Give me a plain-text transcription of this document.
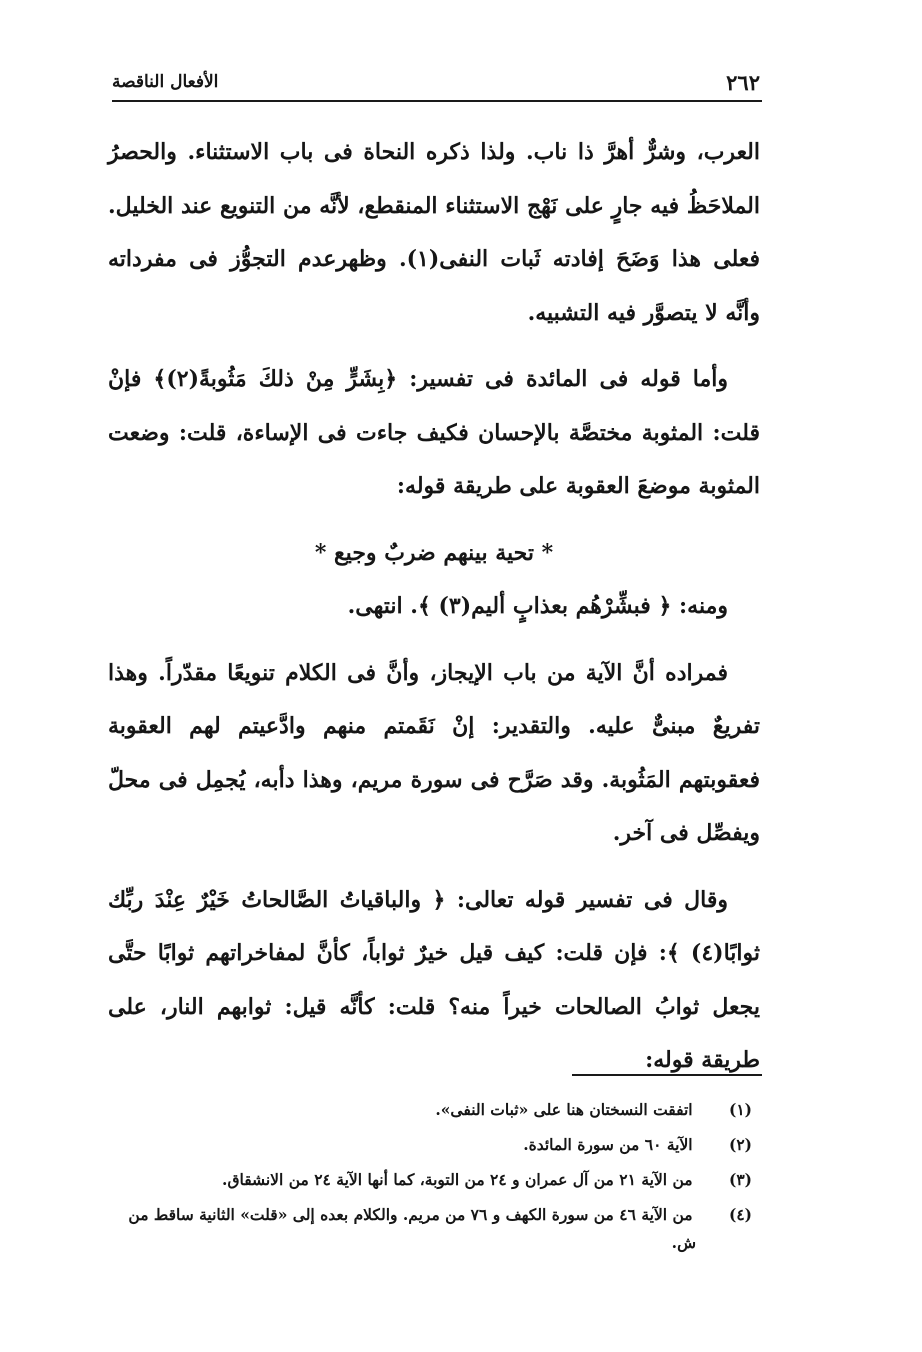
الأفعال الناقصة	٢٦٢

العرب، وشرٌّ أهرَّ ذا ناب. ولذا ذكره النحاة فى باب الاستثناء. والحصرُ الملاحَظُ فيه جارٍ على نَهْج الاستثناء المنقطع، لأنَّه من التنويع عند الخليل. فعلى هذا وَضَحَ إفادته ثَبات النفى(١). وظهرعدم التجوُّز فى مفرداته وأنَّه لا يتصوَّر فيه التشبيه.

وأما قوله فى المائدة فى تفسير: ﴿بِشَرٍّ مِنْ ذلكَ مَثُوبةً(٢)﴾ فإنْ قلت: المثوبة مختصَّة بالإحسان فكيف جاءت فى الإساءة، قلت: وضعت المثوبة موضعَ العقوبة على طريقة قوله:

* تحية بينهم ضربٌ وجيع *

ومنه: ﴿ فبشِّرْهُم بعذابٍ أليم(٣) ﴾. انتهى.

فمراده أنَّ الآية من باب الإيجاز، وأنَّ فى الكلام تنويعًا مقدّراً. وهذا تفريعٌ مبنىٌّ عليه. والتقدير: إنْ نَقَمتم منهم وادَّعيتم لهم العقوبة فعقوبتهم المَثُوبة. وقد صَرَّح فى سورة مريم، وهذا دأبه، يُجمِل فى محلّ ويفصِّل فى آخر.

وقال فى تفسير قوله تعالى: ﴿ والباقياتُ الصَّالحاتُ خَيْرٌ عِنْدَ ربِّك ثوابًا(٤) ﴾: فإن قلت: كيف قيل خيرٌ ثواباً، كأنَّ لمفاخراتهم ثوابًا حتَّى يجعل ثوابُ الصالحات خيراً منه؟ قلت: كأنَّه قيل: ثوابهم النار، على طريقة قوله:

(١) اتفقت النسختان هنا على «ثبات النفى».

(٢) الآية ٦٠ من سورة المائدة.

(٣) من الآية ٢١ من آل عمران و ٢٤ من التوبة، كما أنها الآية ٢٤ من الانشقاق.

(٤) من الآية ٤٦ من سورة الكهف و ٧٦ من مريم. والكلام بعده إلى «قلت» الثانية ساقط من ش.
